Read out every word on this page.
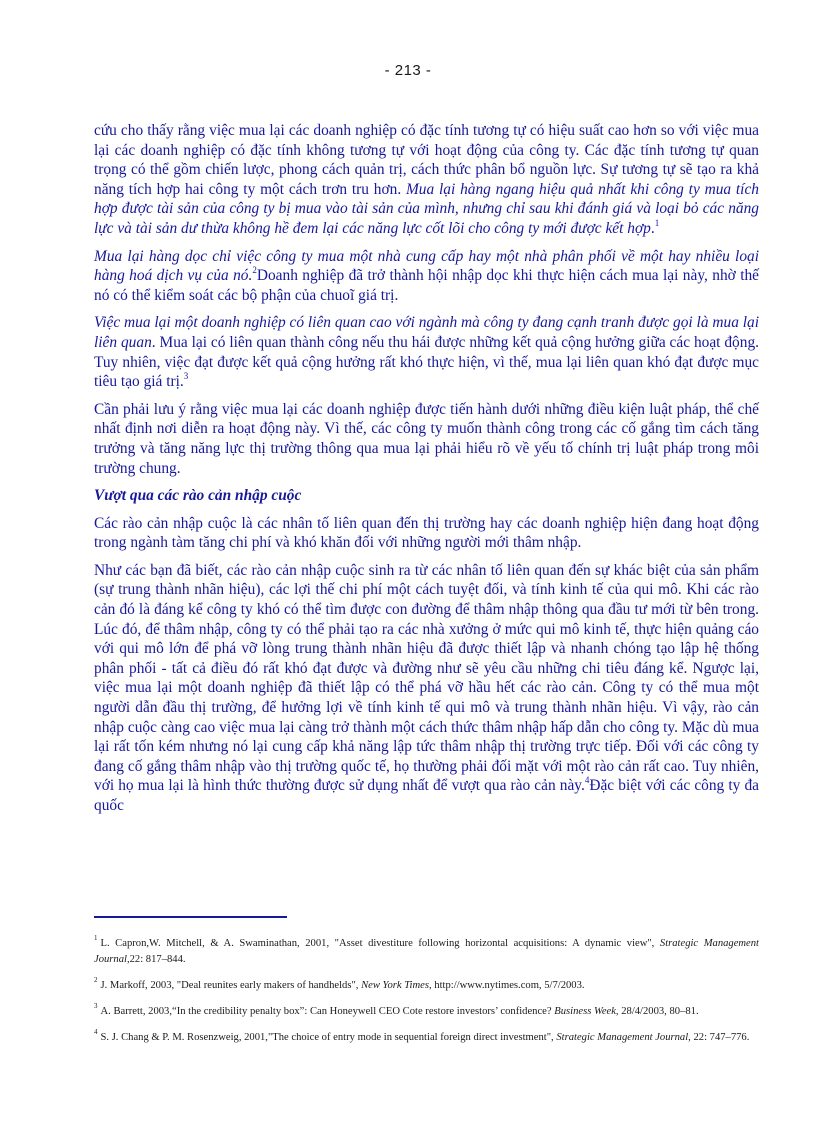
- 213 -

cứu cho thấy rằng việc mua lại các doanh nghiệp có đặc tính tương tự có hiệu suất cao hơn so với việc mua lại các doanh nghiệp có đặc tính không tương tự với hoạt động của công ty. Các đặc tính tương tự quan trọng có thể gồm chiến lược, phong cách quản trị, cách thức phân bổ nguồn lực. Sự tương tự sẽ tạo ra khả năng tích hợp hai công ty một cách trơn tru hơn. Mua lại hàng ngang hiệu quả nhất khi công ty mua tích hợp được tài sản của công ty bị mua vào tài sản của mình, nhưng chỉ sau khi đánh giá và loại bỏ các năng lực và tài sản dư thừa không hề đem lại các năng lực cốt lõi cho công ty mới được kết hợp.$^1$

Mua lại hàng dọc chỉ việc công ty mua một nhà cung cấp hay một nhà phân phối về một hay nhiều loại hàng hoá dịch vụ của nó.$^2$Doanh nghiệp đã trở thành hội nhập dọc khi thực hiện cách mua lại này, nhờ thế nó có thể kiểm soát các bộ phận của chuoĩ giá trị.

Việc mua lại một doanh nghiệp có liên quan cao với ngành mà công ty đang cạnh tranh được gọi là mua lại liên quan. Mua lại có liên quan thành công nếu thu hái được những kết quả cộng hưởng giữa các hoạt động. Tuy nhiên, việc đạt được kết quả cộng hưởng rất khó thực hiện, vì thế, mua lại liên quan khó đạt được mục tiêu tạo giá trị.$^3$

Cần phải lưu ý rằng việc mua lại các doanh nghiệp được tiến hành dưới những điều kiện luật pháp, thể chế nhất định nơi diễn ra hoạt động này. Vì thế, các công ty muốn thành công trong các cố gắng tìm cách tăng trưởng và tăng năng lực thị trường thông qua mua lại phải hiểu rõ về yếu tố chính trị luật pháp trong môi trường chung.

Vượt qua các rào cản nhập cuộc

Các rào cản nhập cuộc là các nhân tố liên quan đến thị trường hay các doanh nghiệp hiện đang hoạt động trong ngành tàm tăng chi phí và khó khăn đối với những người mới thâm nhập.

Như các bạn đã biết, các rào cản nhập cuộc sinh ra từ các nhân tố liên quan đến sự khác biệt của sản phẩm (sự trung thành nhãn hiệu), các lợi thế chi phí một cách tuyệt đối, và tính kinh tế của qui mô. Khi các rào cản đó là đáng kể công ty khó có thể tìm được con đường để thâm nhập thông qua đầu tư mới từ bên trong. Lúc đó, để thâm nhập, công ty có thể phải tạo ra các nhà xưởng ở mức qui mô kinh tế, thực hiện quảng cáo với qui mô lớn để phá vỡ lòng trung thành nhãn hiệu đã được thiết lập và nhanh chóng tạo lập hệ thống phân phối - tất cả điều đó rất khó đạt được và đường như sẽ yêu cầu những chi tiêu đáng kể. Ngược lại, việc mua lại một doanh nghiệp đã thiết lập có thể phá vỡ hầu hết các rào cản. Công ty có thể mua một người dẫn đầu thị trường, để hưởng lợi về tính kinh tế qui mô và trung thành nhãn hiệu. Vì vậy, rào cản nhập cuộc càng cao việc mua lại càng trở thành một cách thức thâm nhập hấp dẫn cho công ty. Mặc dù mua lại rất tốn kém nhưng nó lại cung cấp khả năng lập tức thâm nhập thị trường trực tiếp. Đối với các công ty đang cố gắng thâm nhập vào thị trường quốc tế, họ thường phải đối mặt với một rào cản rất cao. Tuy nhiên, với họ mua lại là hình thức thường được sử dụng nhất để vượt qua rào cản này.$^4$Đặc biệt với các công ty đa quốc

$^1$ L. Capron,W. Mitchell, & A. Swaminathan, 2001, "Asset divestiture following horizontal acquisitions: A dynamic view", Strategic Management Journal,22: 817–844.
$^2$ J. Markoff, 2003, "Deal reunites early makers of handhelds", New York Times, http://www.nytimes.com, 5/7/2003.
$^3$ A. Barrett, 2003,“In the credibility penalty box”: Can Honeywell CEO Cote restore investors’ confidence? Business Week, 28/4/2003, 80–81.
$^4$ S. J. Chang & P. M. Rosenzweig, 2001,"The choice of entry mode in sequential foreign direct investment", Strategic Management Journal, 22: 747–776.
